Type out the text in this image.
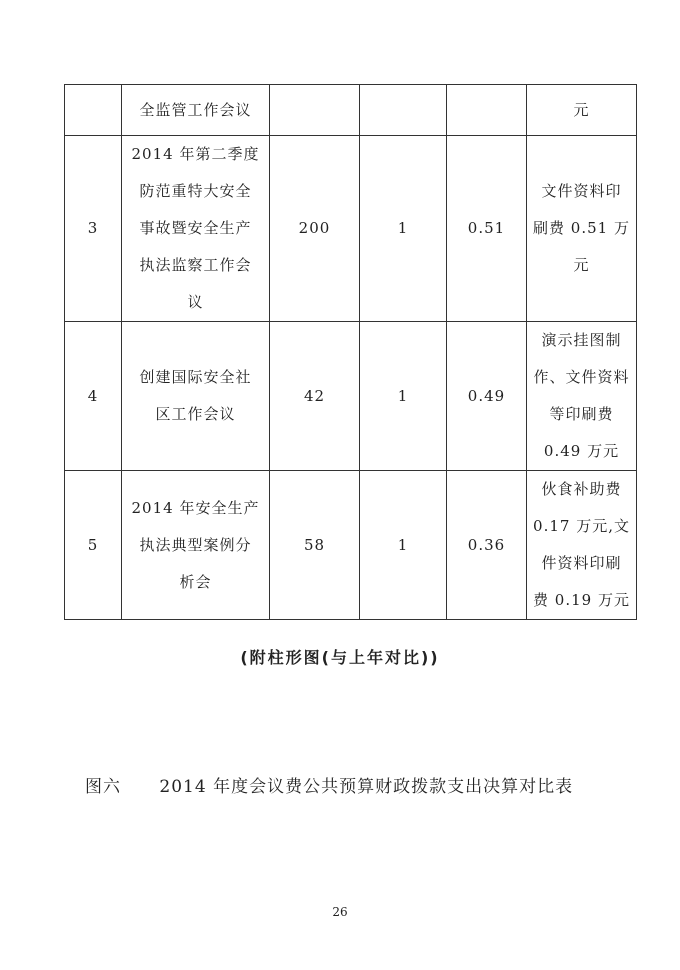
	全监管工作会议				元

3	2014 年第二季度
防范重特大安全
事故暨安全生产
执法监察工作会
议	200	1	0.51	文件资料印
刷费 0.51 万
元

4	创建国际安全社
区工作会议	42	1	0.49	演示挂图制
作、文件资料
等印刷费
0.49 万元

5	2014 年安全生产
执法典型案例分
析会	58	1	0.36	伙食补助费
0.17 万元,文
件资料印刷
费 0.19 万元
(附柱形图(与上年对比))
图六 2014 年度会议费公共预算财政拨款支出决算对比表
26
